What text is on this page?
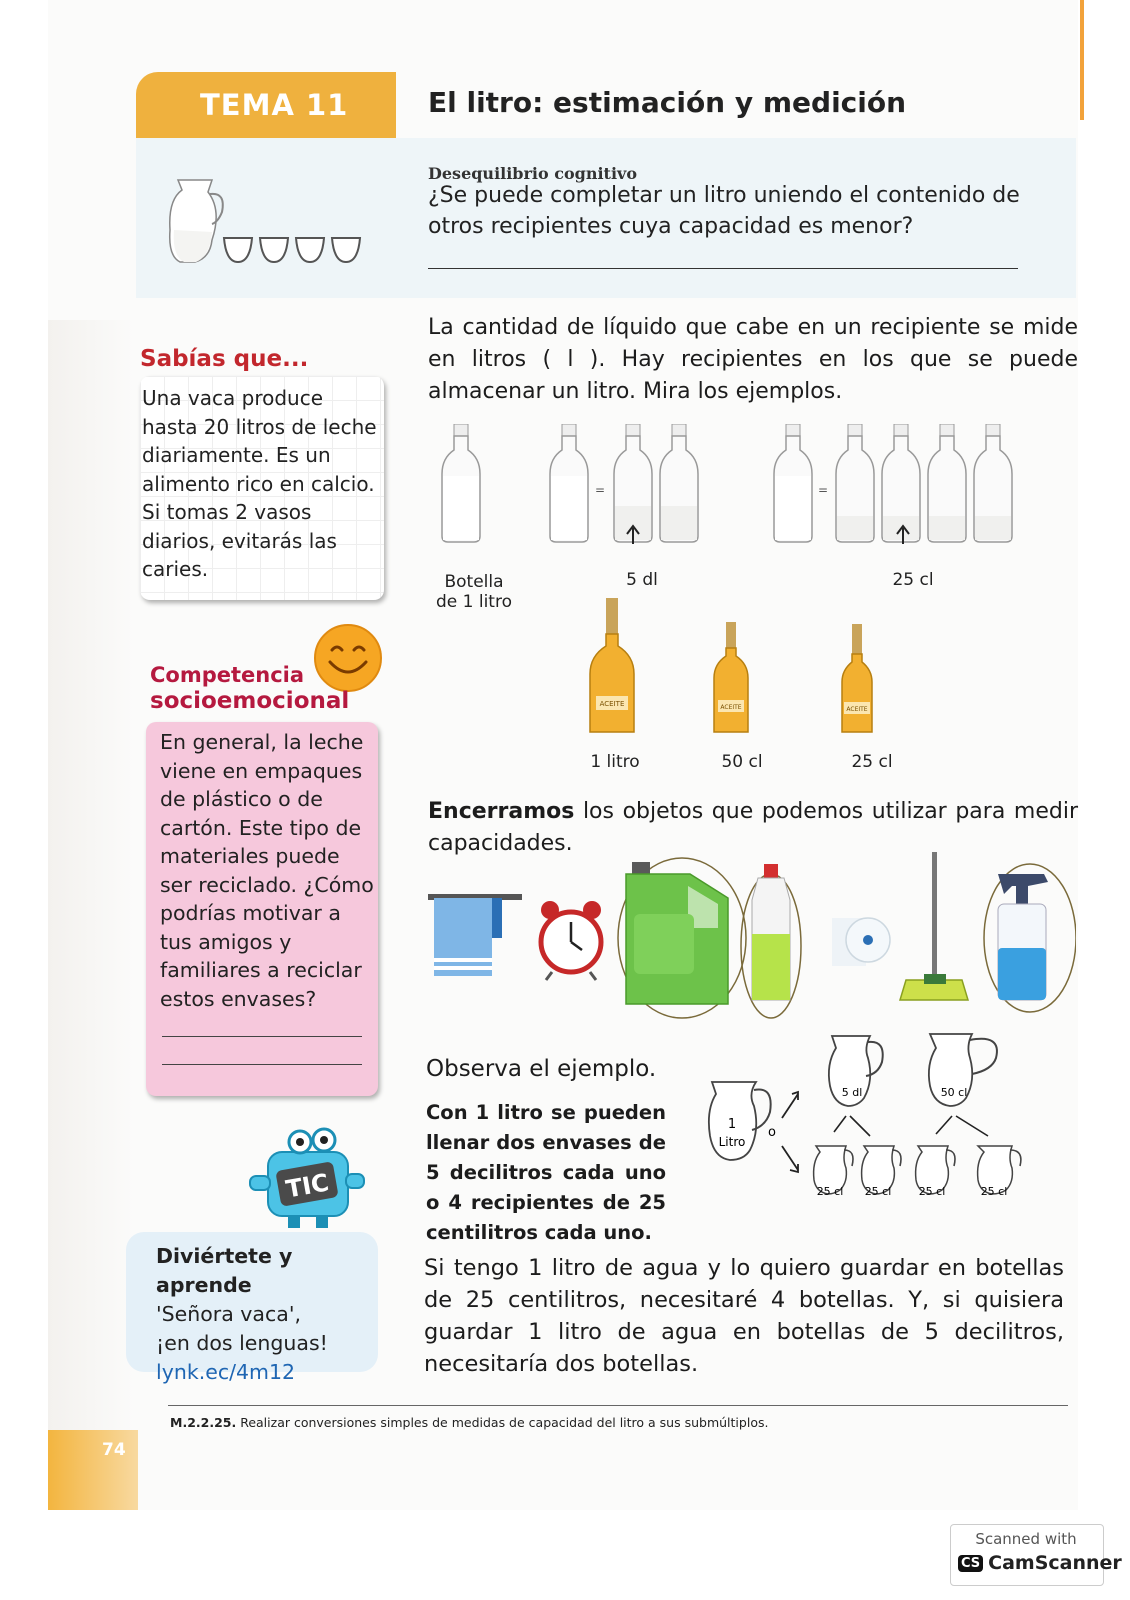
TEMA 11	El litro: estimación y medición
Desequilibrio cognitivo
¿Se puede completar un litro uniendo el contenido de otros recipientes cuya capacidad es menor?
Sabías que...
Una vaca produce hasta 20 litros de leche diariamente. Es un alimento rico en calcio. Si tomas 2 vasos diarios, evitarás las caries.
Competencia
socioemocional
En general, la leche viene en empaques de plástico o de cartón. Este tipo de materiales puede ser reciclado. ¿Cómo podrías motivar a tus amigos y familiares a reciclar estos envases?
TIC
Diviértete y aprende
'Señora vaca',
¡en dos lenguas!
lynk.ec/4m12
La cantidad de líquido que cabe en un recipiente se mide en litros ( l ). Hay recipientes en los que se puede almacenar un litro. Mira los ejemplos.
=	=
Botella
de 1 litro
5 dl	25 cl
ACEITE	ACEITE	ACEITE
1 litro	50 cl	25 cl
Encerramos los objetos que podemos utilizar para medir capacidades.
Observa el ejemplo.
Con 1 litro se pueden llenar dos envases de 5 decilitros cada uno o 4 recipientes de 25 centilitros cada uno.
1
Litro
o
5 dl	50 cl
25 cl 25 cl 25 cl	25 cl
Si tengo 1 litro de agua y lo quiero guardar en botellas de 25 centilitros, necesitaré 4 botellas. Y, si quisiera guardar 1 litro de agua en botellas de 5 decilitros, necesitaría dos botellas.
M.2.2.25. Realizar conversiones simples de medidas de capacidad del litro a sus submúltiplos.
74
Scanned with
CS CamScanner
